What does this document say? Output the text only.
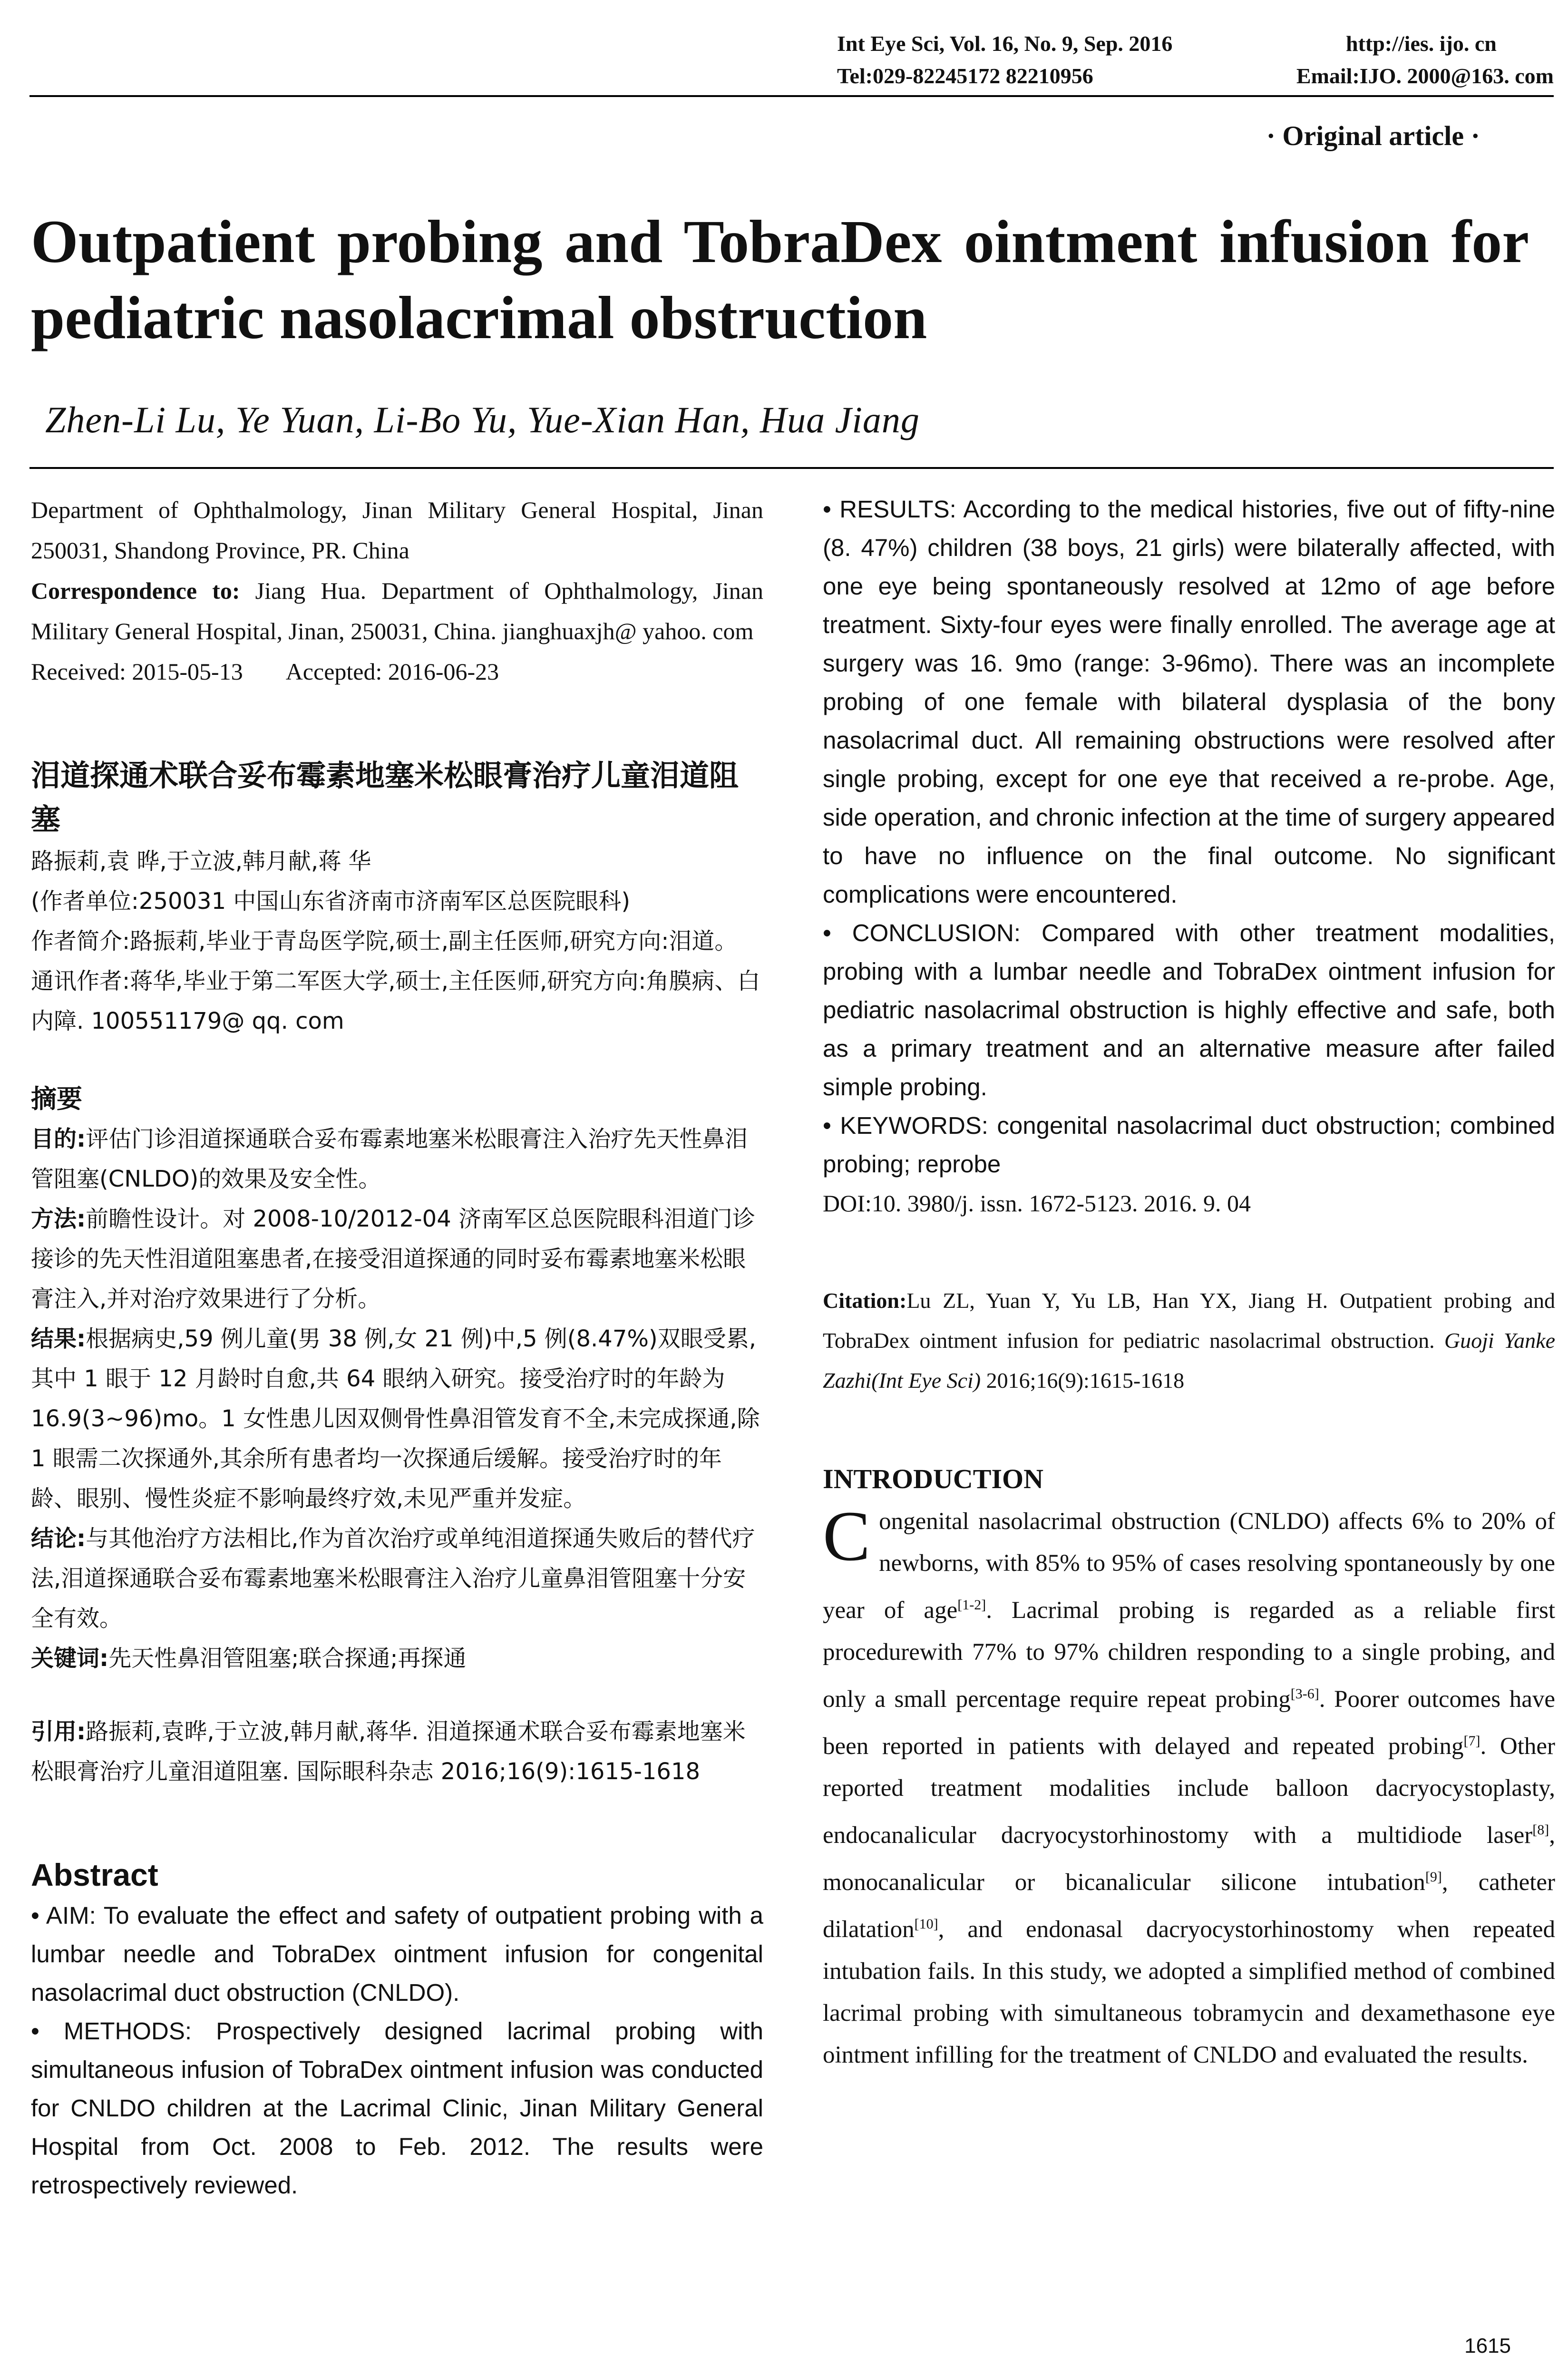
Int Eye Sci, Vol. 16, No. 9, Sep. 2016	http://ies. ijo. cn
Tel:029-82245172 82210956	Email:IJO. 2000@163. com
· Original article ·
Outpatient probing and TobraDex ointment infusion for pediatric nasolacrimal obstruction
Zhen-Li Lu, Ye Yuan, Li-Bo Yu, Yue-Xian Han, Hua Jiang

Department of Ophthalmology, Jinan Military General Hospital, Jinan 250031, Shandong Province, PR. China

Correspondence to: Jiang Hua. Department of Ophthalmology, Jinan Military General Hospital, Jinan, 250031, China. jianghuaxjh@ yahoo. com

Received: 2015-05-13 Accepted: 2016-06-23

泪道探通术联合妥布霉素地塞米松眼膏治疗儿童泪道阻塞

路振莉,袁 晔,于立波,韩月献,蒋 华

(作者单位:250031 中国山东省济南市济南军区总医院眼科)

作者简介:路振莉,毕业于青岛医学院,硕士,副主任医师,研究方向:泪道。

通讯作者:蒋华,毕业于第二军医大学,硕士,主任医师,研究方向:角膜病、白内障. 100551179@ qq. com

摘要

目的:评估门诊泪道探通联合妥布霉素地塞米松眼膏注入治疗先天性鼻泪管阻塞(CNLDO)的效果及安全性。

方法:前瞻性设计。对 2008-10/2012-04 济南军区总医院眼科泪道门诊接诊的先天性泪道阻塞患者,在接受泪道探通的同时妥布霉素地塞米松眼膏注入,并对治疗效果进行了分析。

结果:根据病史,59 例儿童(男 38 例,女 21 例)中,5 例(8.47%)双眼受累,其中 1 眼于 12 月龄时自愈,共 64 眼纳入研究。接受治疗时的年龄为 16.9(3~96)mo。1 女性患儿因双侧骨性鼻泪管发育不全,未完成探通,除 1 眼需二次探通外,其余所有患者均一次探通后缓解。接受治疗时的年龄、眼别、慢性炎症不影响最终疗效,未见严重并发症。

结论:与其他治疗方法相比,作为首次治疗或单纯泪道探通失败后的替代疗法,泪道探通联合妥布霉素地塞米松眼膏注入治疗儿童鼻泪管阻塞十分安全有效。

关键词:先天性鼻泪管阻塞;联合探通;再探通

引用:路振莉,袁晔,于立波,韩月献,蒋华. 泪道探通术联合妥布霉素地塞米松眼膏治疗儿童泪道阻塞. 国际眼科杂志 2016;16(9):1615-1618

Abstract

• AIM: To evaluate the effect and safety of outpatient probing with a lumbar needle and TobraDex ointment infusion for congenital nasolacrimal duct obstruction (CNLDO).

• METHODS: Prospectively designed lacrimal probing with simultaneous infusion of TobraDex ointment infusion was conducted for CNLDO children at the Lacrimal Clinic, Jinan Military General Hospital from Oct. 2008 to Feb. 2012. The results were retrospectively reviewed.

• RESULTS: According to the medical histories, five out of fifty-nine (8. 47%) children (38 boys, 21 girls) were bilaterally affected, with one eye being spontaneously resolved at 12mo of age before treatment. Sixty-four eyes were finally enrolled. The average age at surgery was 16. 9mo (range: 3-96mo). There was an incomplete probing of one female with bilateral dysplasia of the bony nasolacrimal duct. All remaining obstructions were resolved after single probing, except for one eye that received a re-probe. Age, side operation, and chronic infection at the time of surgery appeared to have no influence on the final outcome. No significant complications were encountered.

• CONCLUSION: Compared with other treatment modalities, probing with a lumbar needle and TobraDex ointment infusion for pediatric nasolacrimal obstruction is highly effective and safe, both as a primary treatment and an alternative measure after failed simple probing.

• KEYWORDS: congenital nasolacrimal duct obstruction; combined probing; reprobe

DOI:10. 3980/j. issn. 1672-5123. 2016. 9. 04
Citation:Lu ZL, Yuan Y, Yu LB, Han YX, Jiang H. Outpatient probing and TobraDex ointment infusion for pediatric nasolacrimal obstruction. Guoji Yanke Zazhi(Int Eye Sci) 2016;16(9):1615-1618
INTRODUCTION
Congenital nasolacrimal obstruction (CNLDO) affects 6% to 20% of newborns, with 85% to 95% of cases resolving spontaneously by one year of age[1-2]. Lacrimal probing is regarded as a reliable first procedurewith 77% to 97% children responding to a single probing, and only a small percentage require repeat probing[3-6]. Poorer outcomes have been reported in patients with delayed and repeated probing[7]. Other reported treatment modalities include balloon dacryocystoplasty, endocanalicular dacryocystorhinostomy with a multidiode laser[8], monocanalicular or bicanalicular silicone intubation[9], catheter dilatation[10], and endonasal dacryocystorhinostomy when repeated intubation fails. In this study, we adopted a simplified method of combined lacrimal probing with simultaneous tobramycin and dexamethasone eye ointment infilling for the treatment of CNLDO and evaluated the results.
1615
